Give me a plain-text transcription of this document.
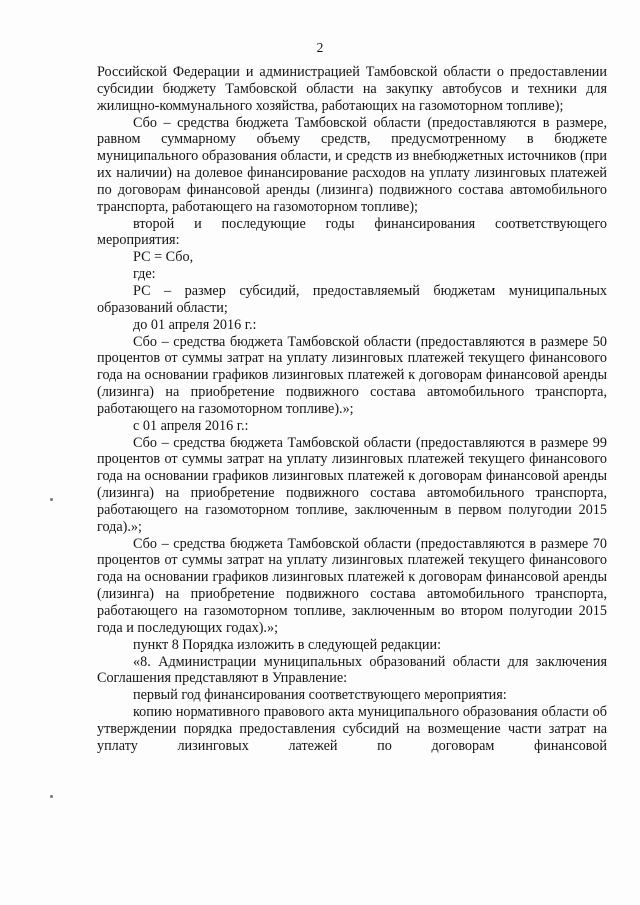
2

Российской Федерации и администрацией Тамбовской области о предоставлении субсидии бюджету Тамбовской области на закупку автобусов и техники для жилищно-коммунального хозяйства, работающих на газомоторном топливе);

Сбо – средства бюджета Тамбовской области (предоставляются в размере, равном суммарному объему средств, предусмотренному в бюджете муниципального образования области, и средств из внебюджетных источников (при их наличии) на долевое финансирование расходов на уплату лизинговых платежей по договорам финансовой аренды (лизинга) подвижного состава автомобильного транспорта, работающего на газомоторном топливе);

второй и последующие годы финансирования соответствующего мероприятия:

РС = Сбо,

где:

РС – размер субсидий, предоставляемый бюджетам муниципальных образований области;

до 01 апреля 2016 г.:

Сбо – средства бюджета Тамбовской области (предоставляются в размере 50 процентов от суммы затрат на уплату лизинговых платежей текущего финансового года на основании графиков лизинговых платежей к договорам финансовой аренды (лизинга) на приобретение подвижного состава автомобильного транспорта, работающего на газомоторном топливе).»;

с 01 апреля 2016 г.:

Сбо – средства бюджета Тамбовской области (предоставляются в размере 99 процентов от суммы затрат на уплату лизинговых платежей текущего финансового года на основании графиков лизинговых платежей к договорам финансовой аренды (лизинга) на приобретение подвижного состава автомобильного транспорта, работающего на газомоторном топливе, заключенным в первом полугодии 2015 года).»;

Сбо – средства бюджета Тамбовской области (предоставляются в размере 70 процентов от суммы затрат на уплату лизинговых платежей текущего финансового года на основании графиков лизинговых платежей к договорам финансовой аренды (лизинга) на приобретение подвижного состава автомобильного транспорта, работающего на газомоторном топливе, заключенным во втором полугодии 2015 года и последующих годах).»;

пункт 8 Порядка изложить в следующей редакции:

«8. Администрации муниципальных образований области для заключения Соглашения представляют в Управление:

первый год финансирования соответствующего мероприятия:

копию нормативного правового акта муниципального образования области об утверждении порядка предоставления субсидий на возмещение части затрат на уплату лизинговых латежей по договорам финансовой
